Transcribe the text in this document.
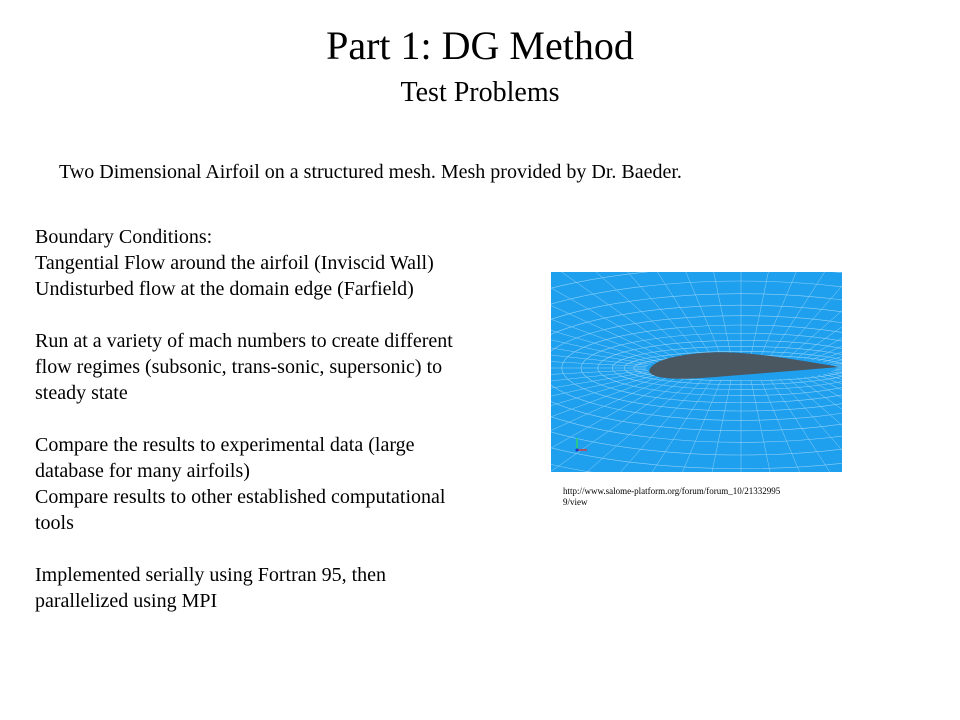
Part 1: DG Method
Test Problems
Two Dimensional Airfoil on a structured mesh. Mesh provided by Dr. Baeder.
Boundary Conditions:
Tangential Flow around the airfoil (Inviscid Wall)
Undisturbed flow at the domain edge (Farfield)
Run at a variety of mach numbers to create different
flow regimes (subsonic, trans-sonic, supersonic) to
steady state
Compare the results to experimental data (large
database for many airfoils)
Compare results to other established computational
tools
Implemented serially using Fortran 95, then
parallelized using MPI
http://www.salome-platform.org/forum/forum_10/213329959/view
